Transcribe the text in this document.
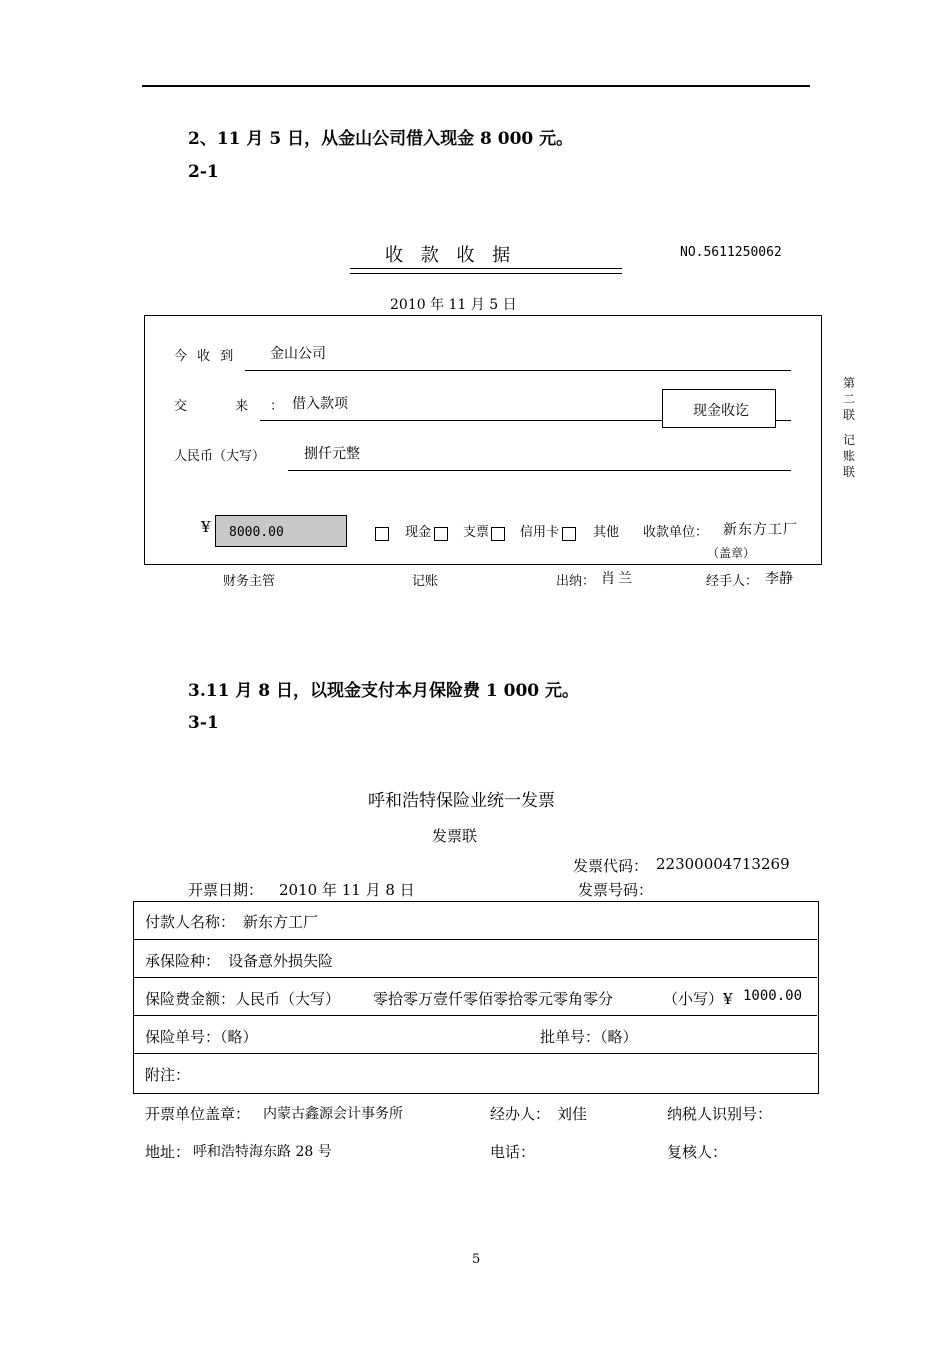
2、11 月 5 日，从金山公司借入现金 8 000 元。
2-1
收 款 收 据	NO.5611250062
2010 年 11 月 5 日
今 收 到 金山公司
交 来：
借入款项	现金收讫
人民币（大写）	捌仟元整
¥ 8000.00	现金 支票 信用卡	其他 收款单位： 新东方工厂
（盖章）
财务主管	记账	出纳： 肖兰	经手人： 李静
第二联
记账联
3.11 月 8 日，以现金支付本月保险费 1 000 元。
3-1
呼和浩特保险业统一发票
发票联
发票代码： 22300004713269
开票日期： 2010 年 11 月 8 日	发票号码：
付款人名称： 新东方工厂
承保险种： 设备意外损失险
保险费金额：人民币（大写） 零拾零万壹仟零佰零拾零元零角零分	（小写）¥ 1000.00
保险单号：（略）	批单号：（略）
附注：
开票单位盖章： 内蒙古鑫源会计事务所	经办人： 刘佳	纳税人识别号：
地址： 呼和浩特海东路 28 号	电话：	复核人：
5
